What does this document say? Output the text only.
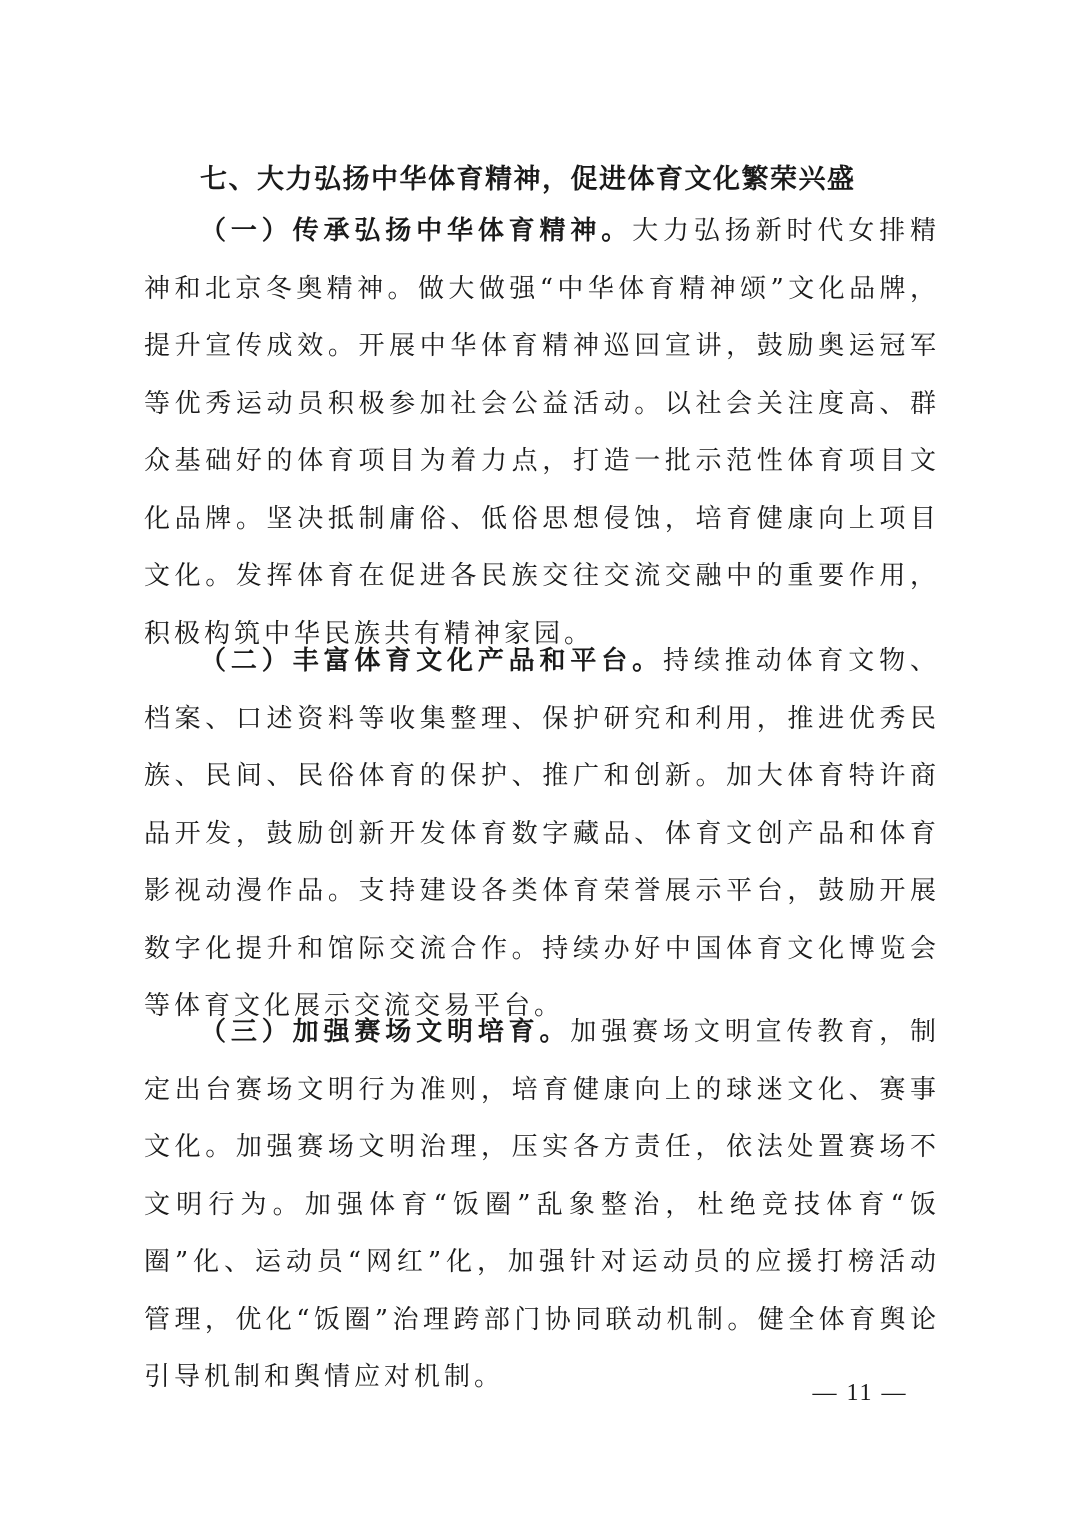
七、大力弘扬中华体育精神，促进体育文化繁荣兴盛

（一）传承弘扬中华体育精神。大力弘扬新时代女排精神和北京冬奥精神。做大做强“中华体育精神颂”文化品牌，提升宣传成效。开展中华体育精神巡回宣讲，鼓励奥运冠军等优秀运动员积极参加社会公益活动。以社会关注度高、群众基础好的体育项目为着力点，打造一批示范性体育项目文化品牌。坚决抵制庸俗、低俗思想侵蚀，培育健康向上项目文化。发挥体育在促进各民族交往交流交融中的重要作用，积极构筑中华民族共有精神家园。

（二）丰富体育文化产品和平台。持续推动体育文物、档案、口述资料等收集整理、保护研究和利用，推进优秀民族、民间、民俗体育的保护、推广和创新。加大体育特许商品开发，鼓励创新开发体育数字藏品、体育文创产品和体育影视动漫作品。支持建设各类体育荣誉展示平台，鼓励开展数字化提升和馆际交流合作。持续办好中国体育文化博览会等体育文化展示交流交易平台。

（三）加强赛场文明培育。加强赛场文明宣传教育，制定出台赛场文明行为准则，培育健康向上的球迷文化、赛事文化。加强赛场文明治理，压实各方责任，依法处置赛场不文明行为。加强体育“饭圈”乱象整治，杜绝竞技体育“饭圈”化、运动员“网红”化，加强针对运动员的应援打榜活动管理，优化“饭圈”治理跨部门协同联动机制。健全体育舆论引导机制和舆情应对机制。

— 11 —
